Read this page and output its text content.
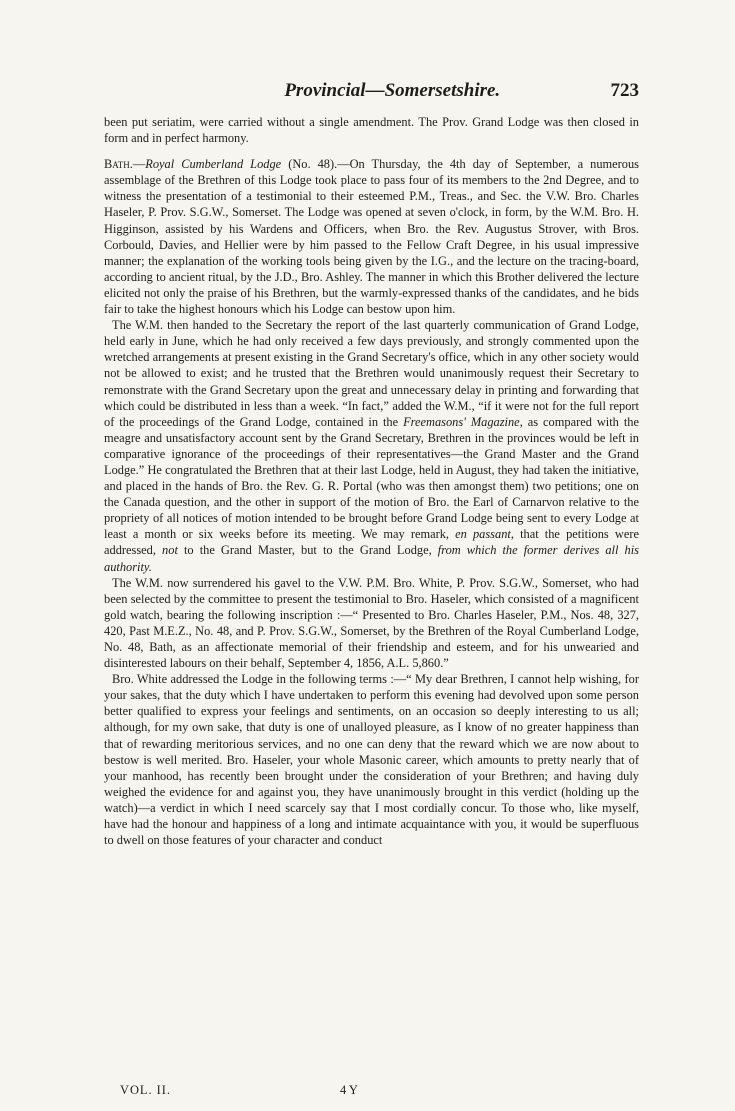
Provincial—Somersetshire.	723

been put seriatim, were carried without a single amendment. The Prov. Grand Lodge was then closed in form and in perfect harmony.

Bath.—Royal Cumberland Lodge (No. 48).—On Thursday, the 4th day of September, a numerous assemblage of the Brethren of this Lodge took place to pass four of its members to the 2nd Degree, and to witness the presentation of a testimonial to their esteemed P.M., Treas., and Sec. the V.W. Bro. Charles Haseler, P. Prov. S.G.W., Somerset. The Lodge was opened at seven o'clock, in form, by the W.M. Bro. H. Higginson, assisted by his Wardens and Officers, when Bro. the Rev. Augustus Strover, with Bros. Corbould, Davies, and Hellier were by him passed to the Fellow Craft Degree, in his usual impressive manner; the explanation of the working tools being given by the I.G., and the lecture on the tracing-board, according to ancient ritual, by the J.D., Bro. Ashley. The manner in which this Brother delivered the lecture elicited not only the praise of his Brethren, but the warmly-expressed thanks of the candidates, and he bids fair to take the highest honours which his Lodge can bestow upon him.

The W.M. then handed to the Secretary the report of the last quarterly communication of Grand Lodge, held early in June, which he had only received a few days previously, and strongly commented upon the wretched arrangements at present existing in the Grand Secretary's office, which in any other society would not be allowed to exist; and he trusted that the Brethren would unanimously request their Secretary to remonstrate with the Grand Secretary upon the great and unnecessary delay in printing and forwarding that which could be distributed in less than a week. “In fact,” added the W.M., “if it were not for the full report of the proceedings of the Grand Lodge, contained in the Freemasons' Magazine, as compared with the meagre and unsatisfactory account sent by the Grand Secretary, Brethren in the provinces would be left in comparative ignorance of the proceedings of their representatives—the Grand Master and the Grand Lodge.” He congratulated the Brethren that at their last Lodge, held in August, they had taken the initiative, and placed in the hands of Bro. the Rev. G. R. Portal (who was then amongst them) two petitions; one on the Canada question, and the other in support of the motion of Bro. the Earl of Carnarvon relative to the propriety of all notices of motion intended to be brought before Grand Lodge being sent to every Lodge at least a month or six weeks before its meeting. We may remark, en passant, that the petitions were addressed, not to the Grand Master, but to the Grand Lodge, from which the former derives all his authority.

The W.M. now surrendered his gavel to the V.W. P.M. Bro. White, P. Prov. S.G.W., Somerset, who had been selected by the committee to present the testimonial to Bro. Haseler, which consisted of a magnificent gold watch, bearing the following inscription :—“ Presented to Bro. Charles Haseler, P.M., Nos. 48, 327, 420, Past M.E.Z., No. 48, and P. Prov. S.G.W., Somerset, by the Brethren of the Royal Cumberland Lodge, No. 48, Bath, as an affectionate memorial of their friendship and esteem, and for his unwearied and disinterested labours on their behalf, September 4, 1856, A.L. 5,860.”

Bro. White addressed the Lodge in the following terms :—“ My dear Brethren, I cannot help wishing, for your sakes, that the duty which I have undertaken to perform this evening had devolved upon some person better qualified to express your feelings and sentiments, on an occasion so deeply interesting to us all; although, for my own sake, that duty is one of unalloyed pleasure, as I know of no greater happiness than that of rewarding meritorious services, and no one can deny that the reward which we are now about to bestow is well merited. Bro. Haseler, your whole Masonic career, which amounts to pretty nearly that of your manhood, has recently been brought under the consideration of your Brethren; and having duly weighed the evidence for and against you, they have unanimously brought in this verdict (holding up the watch)—a verdict in which I need scarcely say that I most cordially concur. To those who, like myself, have had the honour and happiness of a long and intimate acquaintance with you, it would be superfluous to dwell on those features of your character and conduct

VOL. II.	4 Y
